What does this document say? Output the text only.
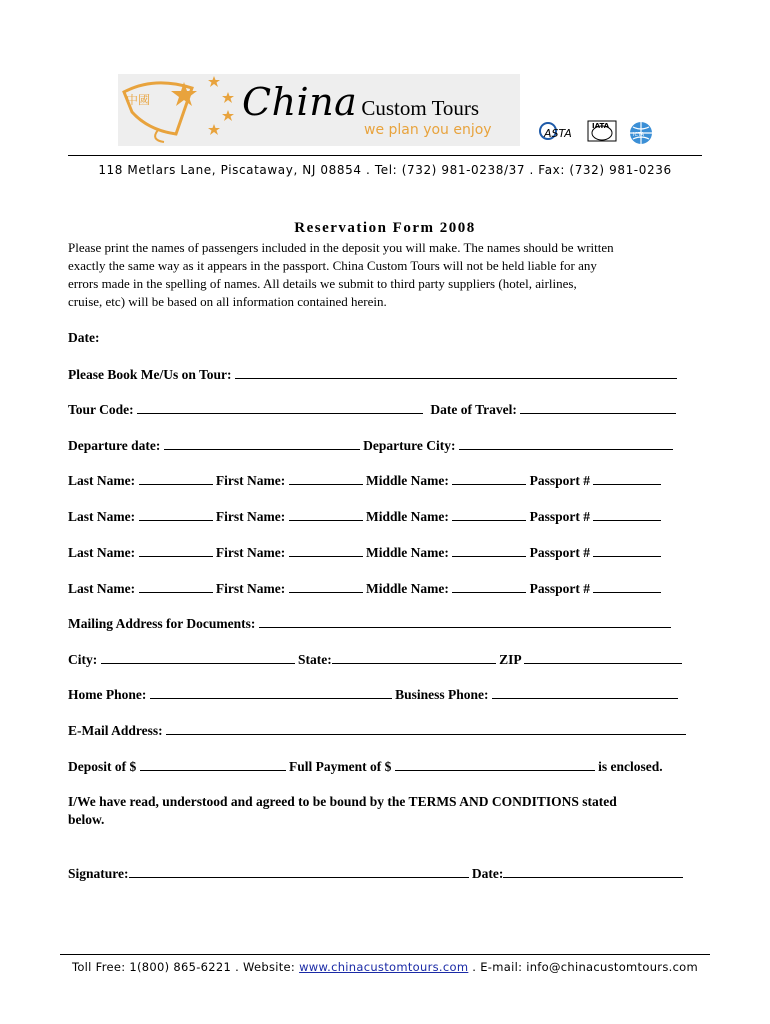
中國 China Custom Tours
we plan you enjoy	ASTA
IATA
ICTA
118 Metlars Lane, Piscataway, NJ 08854 . Tel: (732) 981-0238/37 . Fax: (732) 981-0236
Reservation Form 2008
Please print the names of passengers included in the deposit you will make. The names should be written
exactly the same way as it appears in the passport. China Custom Tours will not be held liable for any
errors made in the spelling of names. All details we submit to third party suppliers (hotel, airlines,
cruise, etc) will be based on all information contained herein.
Date:
Please Book Me/Us on Tour:
Tour Code:	Date of Travel:
Departure date:	Departure City:
Last Name:	First Name:	Middle Name:	Passport #
Last Name:	First Name:	Middle Name:	Passport #
Last Name:	First Name:	Middle Name:	Passport #
Last Name:	First Name:	Middle Name:	Passport #
Mailing Address for Documents:
City:	State:	ZIP
Home Phone:	Business Phone:
E-Mail Address:
Deposit of $	Full Payment of $	is enclosed.
I/We have read, understood and agreed to be bound by the TERMS AND CONDITIONS stated
below.
Signature:	Date:
Toll Free: 1(800) 865-6221 . Website: www.chinacustomtours.com . E-mail: info@chinacustomtours.com
